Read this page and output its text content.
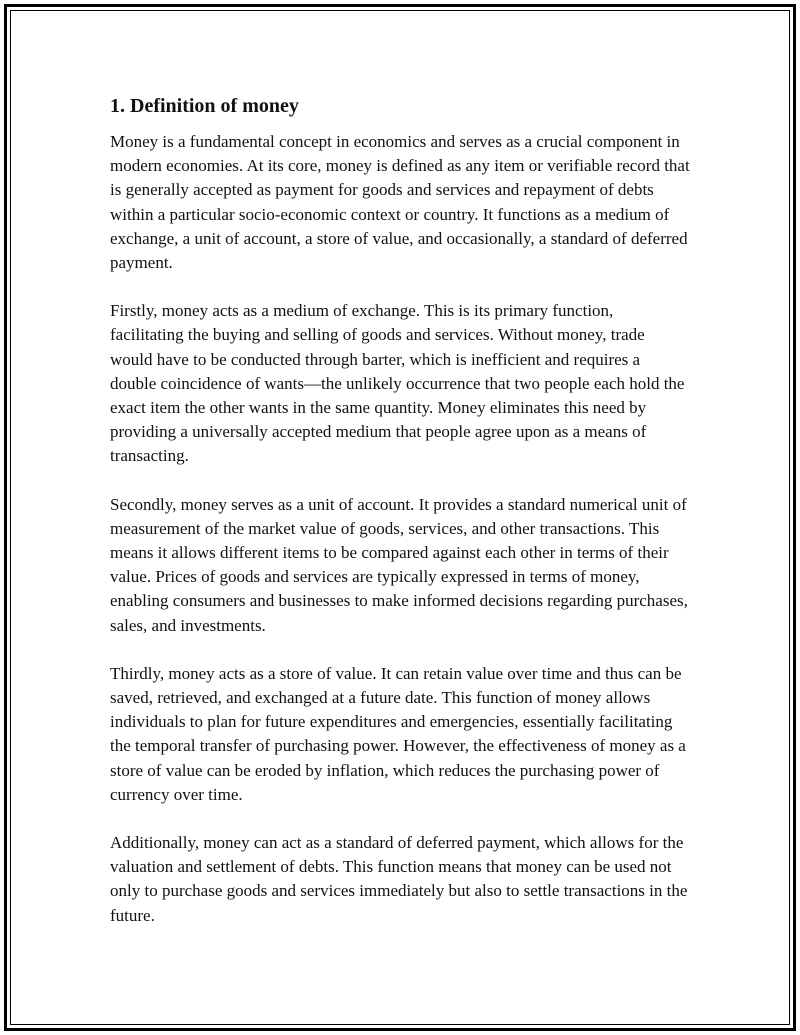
1. Definition of money

Money is a fundamental concept in economics and serves as a crucial component in modern economies. At its core, money is defined as any item or verifiable record that is generally accepted as payment for goods and services and repayment of debts within a particular socio-economic context or country. It functions as a medium of exchange, a unit of account, a store of value, and occasionally, a standard of deferred payment.

Firstly, money acts as a medium of exchange. This is its primary function, facilitating the buying and selling of goods and services. Without money, trade would have to be conducted through barter, which is inefficient and requires a double coincidence of wants—the unlikely occurrence that two people each hold the exact item the other wants in the same quantity. Money eliminates this need by providing a universally accepted medium that people agree upon as a means of transacting.

Secondly, money serves as a unit of account. It provides a standard numerical unit of measurement of the market value of goods, services, and other transactions. This means it allows different items to be compared against each other in terms of their value. Prices of goods and services are typically expressed in terms of money, enabling consumers and businesses to make informed decisions regarding purchases, sales, and investments.

Thirdly, money acts as a store of value. It can retain value over time and thus can be saved, retrieved, and exchanged at a future date. This function of money allows individuals to plan for future expenditures and emergencies, essentially facilitating the temporal transfer of purchasing power. However, the effectiveness of money as a store of value can be eroded by inflation, which reduces the purchasing power of currency over time.

Additionally, money can act as a standard of deferred payment, which allows for the valuation and settlement of debts. This function means that money can be used not only to purchase goods and services immediately but also to settle transactions in the future.
